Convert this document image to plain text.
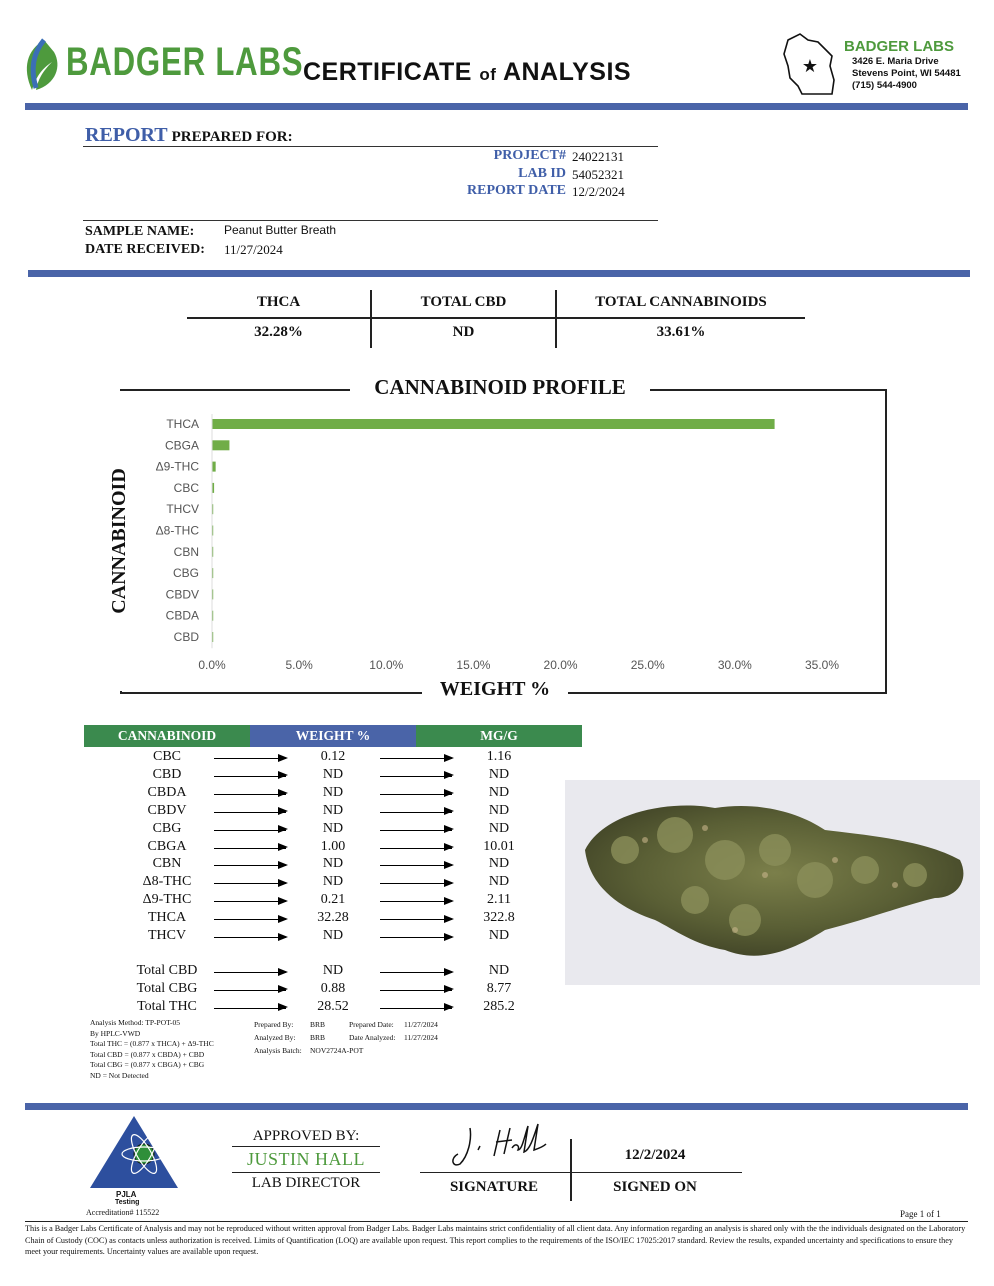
BADGER LABS CERTIFICATE of ANALYSIS	★
BADGER LABS
3426 E. Maria Drive
Stevens Point, WI 54481
(715) 544-4900
REPORT PREPARED FOR:
PROJECT# 24022131
LAB ID 54052321
REPORT DATE 12/2/2024
SAMPLE NAME: Peanut Butter Breath
DATE RECEIVED: 11/27/2024
THCA	TOTAL CBD	TOTAL CANNABINOIDS
32.28%	ND	33.61%
CANNABINOID PROFILE
WEIGHT %
CANNABINOID
THCA
CBGA
Δ9-THC
CBC
THCV
Δ8-THC
CBN
CBG
CBDV
CBDA
CBD
0.0%	5.0%	10.0%	15.0%	20.0%	25.0%	30.0%	35.0%
CANNABINOID	WEIGHT %	MG/G
CBC	0.12	1.16
CBD	ND	ND
CBDA	ND	ND
CBDV	ND	ND
CBG	ND	ND
CBGA	1.00	10.01
CBN	ND	ND
Δ8-THC	ND	ND
Δ9-THC	0.21	2.11
THCA	32.28	322.8
THCV	ND	ND
Total CBD	ND	ND
Total CBG	0.88	8.77
Total THC	28.52	285.2
Analysis Method: TP-POT-05
By HPLC-VWD
Total THC = (0.877 x THCA) + Δ9-THC
Total CBD = (0.877 x CBDA) + CBD
Total CBG = (0.877 x CBGA) + CBG
ND = Not Detected
Prepared By: BRB	Prepared Date: 11/27/2024
Analyzed By: BRB	Date Analyzed: 11/27/2024
Analysis Batch: NOV2724A-POT
PJLA
Testing
Accreditation# 115522
APPROVED BY:
JUSTIN HALL
LAB DIRECTOR	SIGNATURE
12/2/2024
SIGNED ON
Page 1 of 1
This is a Badger Labs Certificate of Analysis and may not be reproduced without written approval from Badger Labs. Badger Labs maintains strict confidentiality of all client data. Any information regarding an analysis is shared only with the the individuals designated on the Laboratory Chain of Custody (COC) as contacts unless authorization is received. Limits of Quantification (LOQ) are available upon request. This report complies to the requirements of the ISO/IEC 17025:2017 standard. Review the results, expanded uncertainty and specifications to ensure they meet your requirements. Uncertainty values are available upon request.
